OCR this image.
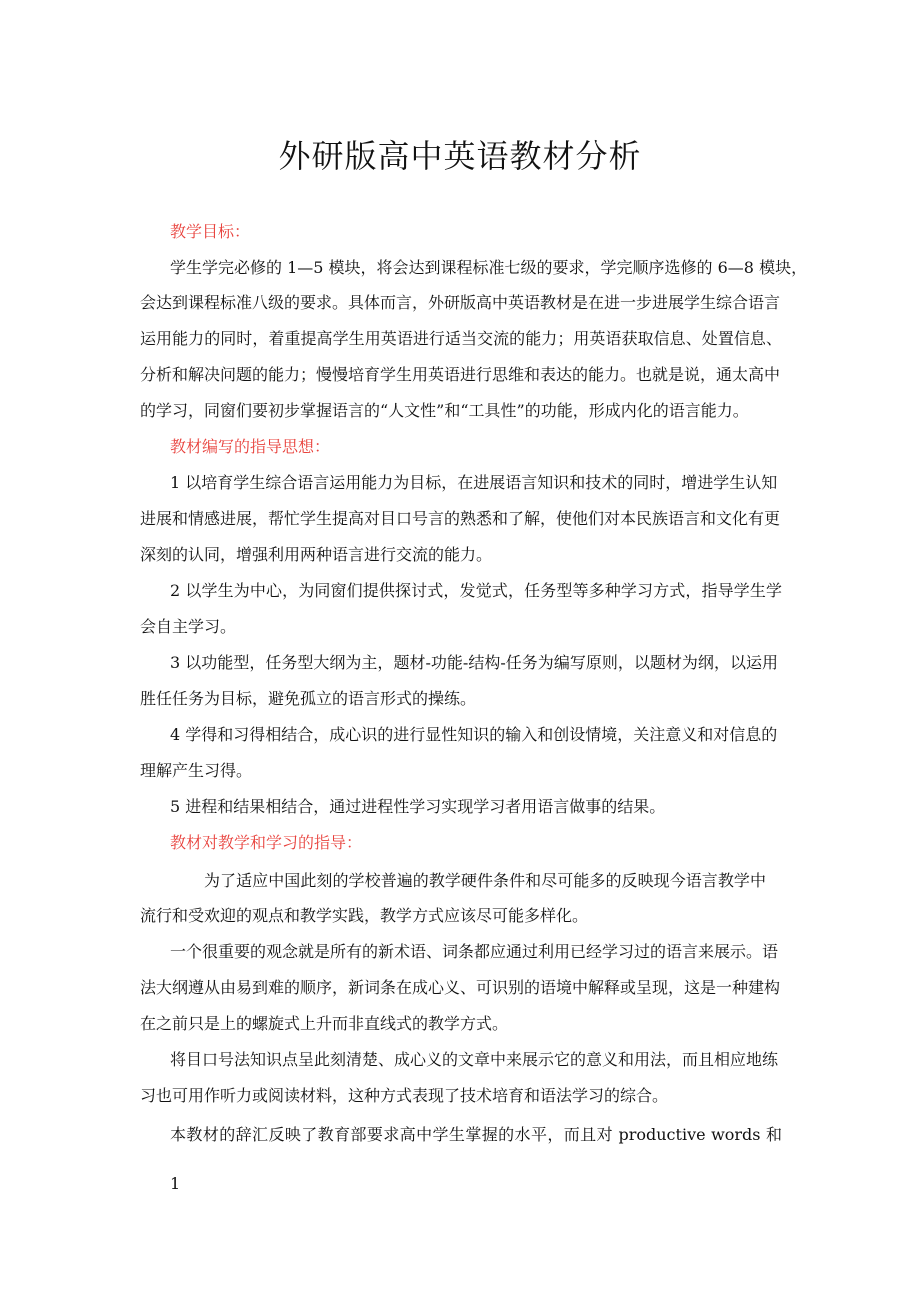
外研版高中英语教材分析
教学目标：
学生学完必修的 1—5 模块，将会达到课程标准七级的要求，学完顺序选修的 6—8 模块，
会达到课程标准八级的要求。具体而言，外研版高中英语教材是在进一步进展学生综合语言
运用能力的同时，着重提高学生用英语进行适当交流的能力；用英语获取信息、处置信息、
分析和解决问题的能力；慢慢培育学生用英语进行思维和表达的能力。也就是说，通太高中
的学习，同窗们要初步掌握语言的“人文性”和“工具性”的功能，形成内化的语言能力。
教材编写的指导思想：
1 以培育学生综合语言运用能力为目标，在进展语言知识和技术的同时，增进学生认知
进展和情感进展，帮忙学生提高对目口号言的熟悉和了解，使他们对本民族语言和文化有更
深刻的认同，增强利用两种语言进行交流的能力。
2 以学生为中心，为同窗们提供探讨式，发觉式，任务型等多种学习方式，指导学生学
会自主学习。
3 以功能型，任务型大纲为主，题材-功能-结构-任务为编写原则，以题材为纲，以运用
胜任任务为目标，避免孤立的语言形式的操练。
4 学得和习得相结合，成心识的进行显性知识的输入和创设情境，关注意义和对信息的
理解产生习得。
5 进程和结果相结合，通过进程性学习实现学习者用语言做事的结果。
教材对教学和学习的指导：
为了适应中国此刻的学校普遍的教学硬件条件和尽可能多的反映现今语言教学中
流行和受欢迎的观点和教学实践，教学方式应该尽可能多样化。
一个很重要的观念就是所有的新术语、词条都应通过利用已经学习过的语言来展示。语
法大纲遵从由易到难的顺序，新词条在成心义、可识别的语境中解释或呈现，这是一种建构
在之前只是上的螺旋式上升而非直线式的教学方式。
将目口号法知识点呈此刻清楚、成心义的文章中来展示它的意义和用法，而且相应地练
习也可用作听力或阅读材料，这种方式表现了技术培育和语法学习的综合。
本教材的辞汇反映了教育部要求高中学生掌握的水平，而且对 productive words 和
1
